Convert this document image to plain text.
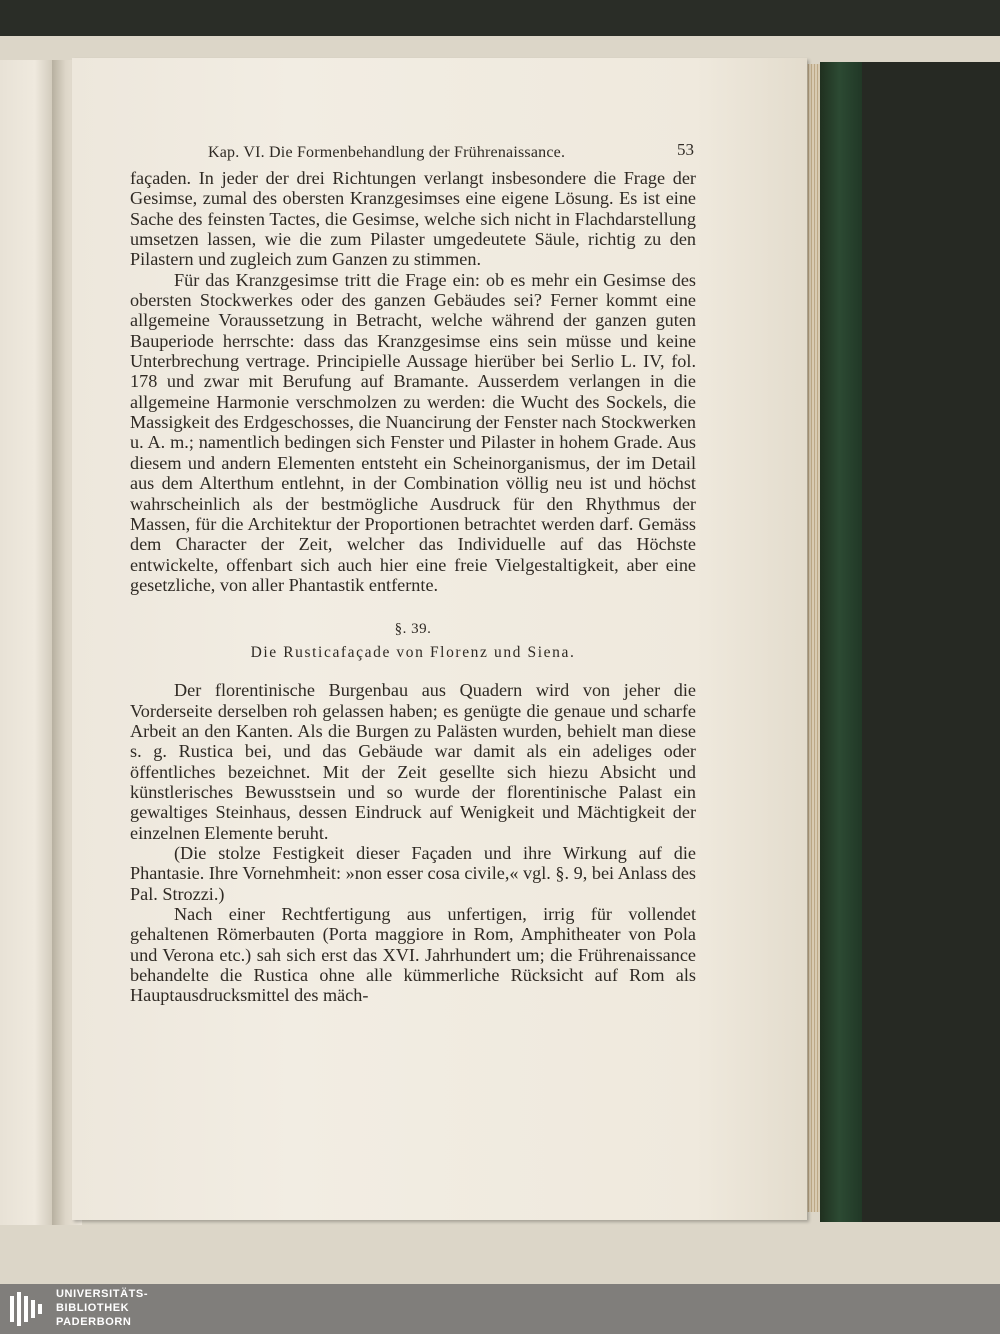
Kap. VI. Die Formenbehandlung der Frührenaissance.	53

façaden. In jeder der drei Richtungen verlangt insbesondere die Frage der Gesimse, zumal des obersten Kranzgesimses eine eigene Lösung. Es ist eine Sache des feinsten Tactes, die Gesimse, welche sich nicht in Flachdarstellung umsetzen lassen, wie die zum Pilaster umgedeutete Säule, richtig zu den Pilastern und zugleich zum Ganzen zu stimmen.

Für das Kranzgesimse tritt die Frage ein: ob es mehr ein Gesimse des obersten Stockwerkes oder des ganzen Gebäudes sei? Ferner kommt eine allgemeine Voraussetzung in Betracht, welche während der ganzen guten Bauperiode herrschte: dass das Kranzgesimse eins sein müsse und keine Unterbrechung vertrage. Principielle Aussage hierüber bei Serlio L. IV, fol. 178 und zwar mit Berufung auf Bramante. Ausserdem verlangen in die allgemeine Harmonie verschmolzen zu werden: die Wucht des Sockels, die Massigkeit des Erdgeschosses, die Nuancirung der Fenster nach Stockwerken u. A. m.; namentlich bedingen sich Fenster und Pilaster in hohem Grade. Aus diesem und andern Elementen entsteht ein Scheinorganismus, der im Detail aus dem Alterthum entlehnt, in der Combination völlig neu ist und höchst wahrscheinlich als der bestmögliche Ausdruck für den Rhythmus der Massen, für die Architektur der Proportionen betrachtet werden darf. Gemäss dem Character der Zeit, welcher das Individuelle auf das Höchste entwickelte, offenbart sich auch hier eine freie Vielgestaltigkeit, aber eine gesetzliche, von aller Phantastik entfernte.

§. 39.
Die Rusticafaçade von Florenz und Siena.

Der florentinische Burgenbau aus Quadern wird von jeher die Vorderseite derselben roh gelassen haben; es genügte die genaue und scharfe Arbeit an den Kanten. Als die Burgen zu Palästen wurden, behielt man diese s. g. Rustica bei, und das Gebäude war damit als ein adeliges oder öffentliches bezeichnet. Mit der Zeit gesellte sich hiezu Absicht und künstlerisches Bewusstsein und so wurde der florentinische Palast ein gewaltiges Steinhaus, dessen Eindruck auf Wenigkeit und Mächtigkeit der einzelnen Elemente beruht.

(Die stolze Festigkeit dieser Façaden und ihre Wirkung auf die Phantasie. Ihre Vornehmheit: »non esser cosa civile,« vgl. §. 9, bei Anlass des Pal. Strozzi.)

Nach einer Rechtfertigung aus unfertigen, irrig für vollendet gehaltenen Römerbauten (Porta maggiore in Rom, Amphitheater von Pola und Verona etc.) sah sich erst das XVI. Jahrhundert um; die Frührenaissance behandelte die Rustica ohne alle kümmerliche Rücksicht auf Rom als Hauptausdrucksmittel des mäch-

UNIVERSITÄTS-
BIBLIOTHEK
PADERBORN
